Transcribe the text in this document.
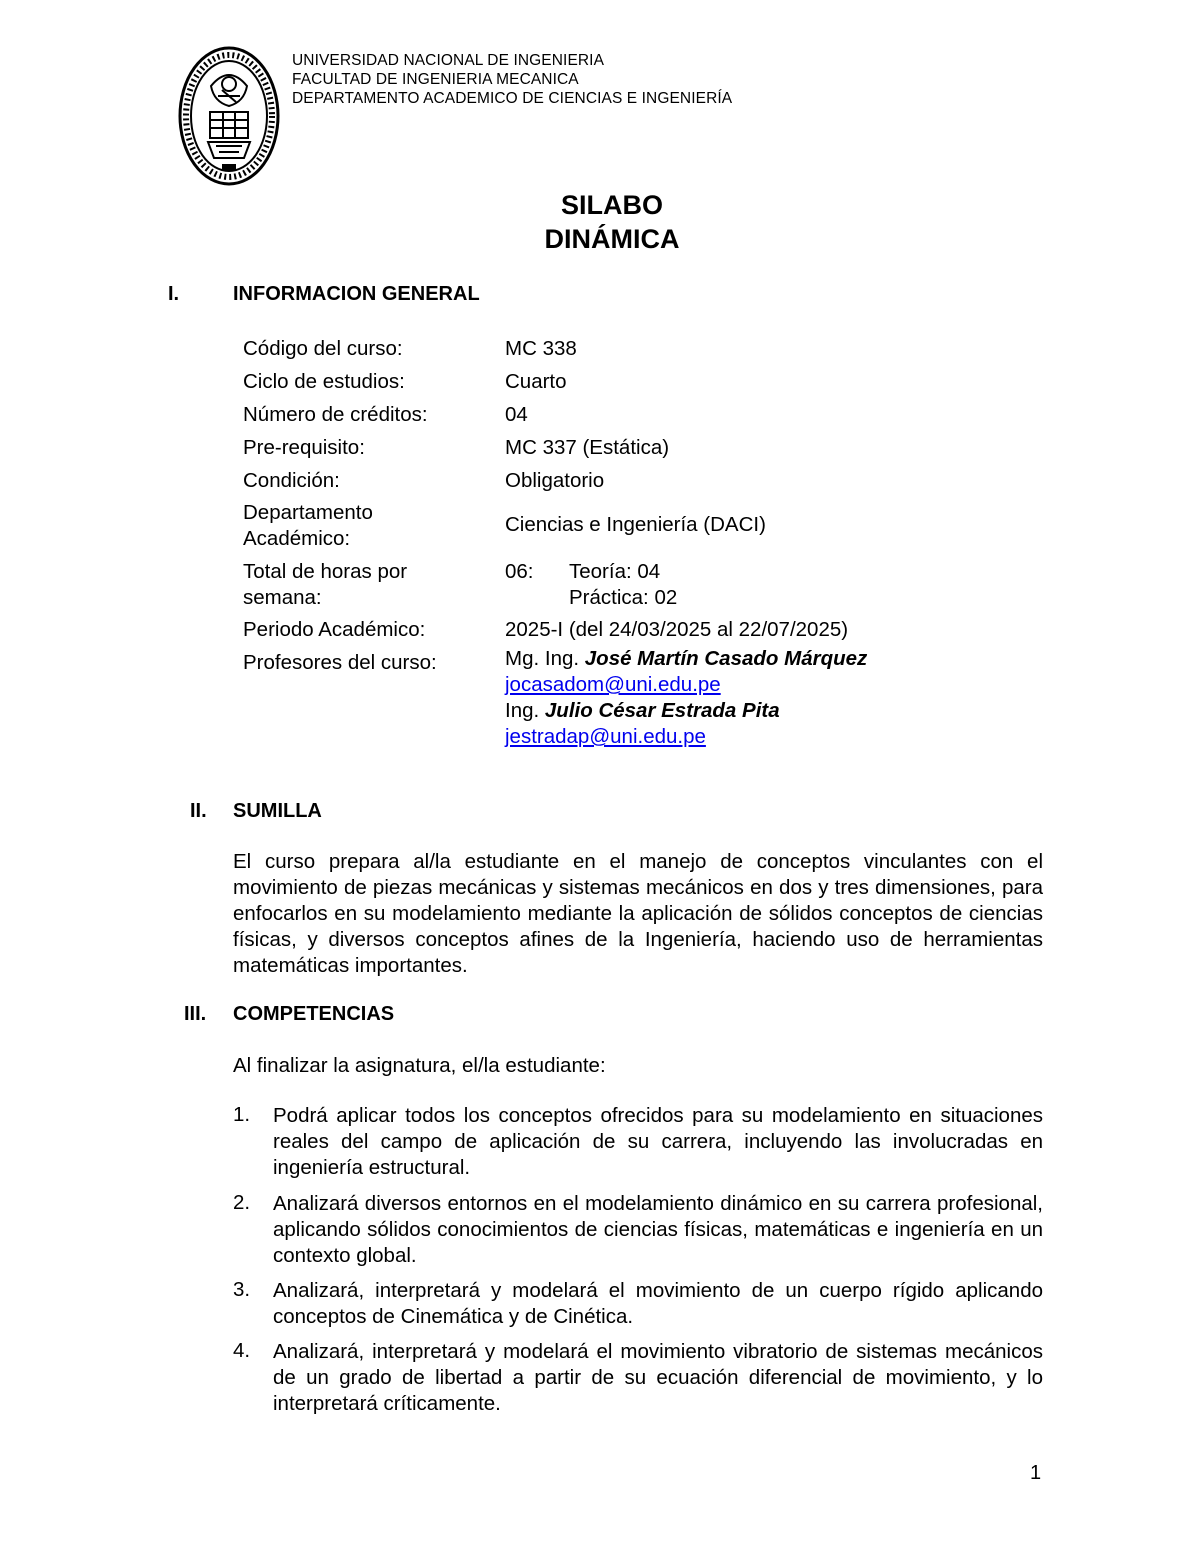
UNIVERSIDAD NACIONAL DE INGENIERIA
FACULTAD DE INGENIERIA MECANICA
DEPARTAMENTO ACADEMICO DE CIENCIAS E INGENIERÍA
SILABO
DINÁMICA
I.	INFORMACION GENERAL
Código del curso:	MC 338
Ciclo de estudios:	Cuarto
Número de créditos:	04
Pre-requisito:	MC 337 (Estática)
Condición:	Obligatorio
Departamento
Académico:
Ciencias e Ingeniería (DACI)
Total de horas por
semana:
06: Teoría: 04
Práctica: 02
Periodo Académico:	2025-I (del 24/03/2025 al 22/07/2025)
Profesores del curso:	Mg. Ing. José Martín Casado Márquez
jocasadom@uni.edu.pe
Ing. Julio César Estrada Pita
jestradap@uni.edu.pe
II. SUMILLA
El curso prepara al/la estudiante en el manejo de conceptos vinculantes con el movimiento de piezas mecánicas y sistemas mecánicos en dos y tres dimensiones, para enfocarlos en su modelamiento mediante la aplicación de sólidos conceptos de ciencias físicas, y diversos conceptos afines de la Ingeniería, haciendo uso de herramientas matemáticas importantes.
III. COMPETENCIAS
Al finalizar la asignatura, el/la estudiante:
1. Podrá aplicar todos los conceptos ofrecidos para su modelamiento en situaciones reales del campo de aplicación de su carrera, incluyendo las involucradas en ingeniería estructural.
2. Analizará diversos entornos en el modelamiento dinámico en su carrera profesional, aplicando sólidos conocimientos de ciencias físicas, matemáticas e ingeniería en un contexto global.
3. Analizará, interpretará y modelará el movimiento de un cuerpo rígido aplicando conceptos de Cinemática y de Cinética.
4. Analizará, interpretará y modelará el movimiento vibratorio de sistemas mecánicos de un grado de libertad a partir de su ecuación diferencial de movimiento, y lo interpretará críticamente.
1
